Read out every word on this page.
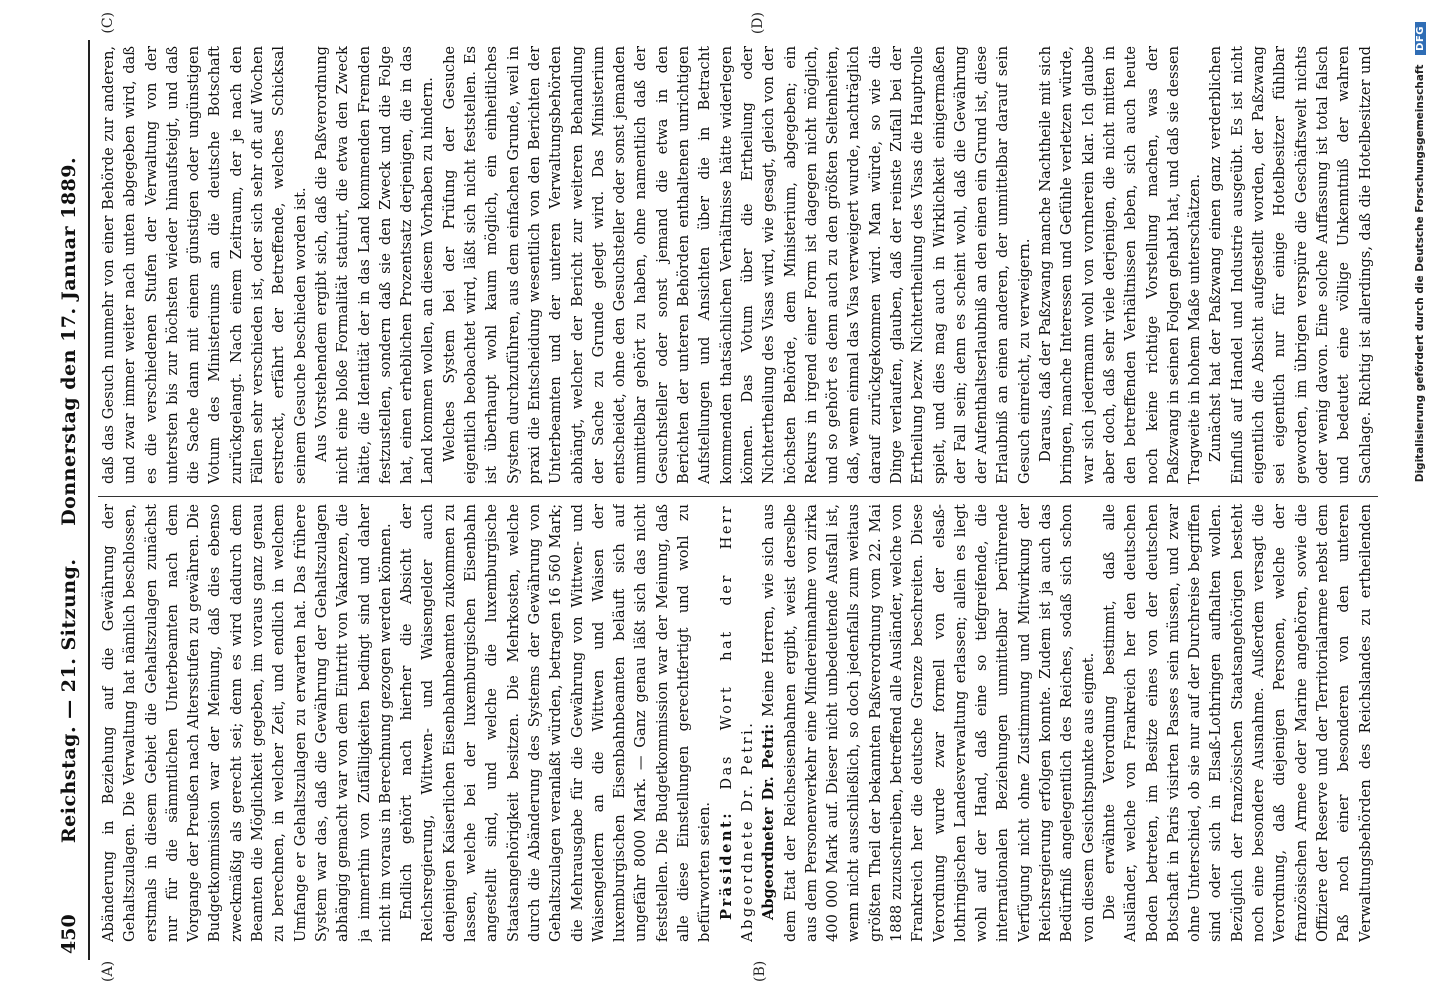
450
Reichstag. — 21. Sitzung.     Donnerstag den 17. Januar 1889.
(A)	(B)
(C)	(D)

Abänderung in Beziehung auf die Gewährung der Gehaltszulagen. Die Verwaltung hat nämlich beschlossen, erstmals in diesem Gebiet die Gehaltszulagen zunächst nur für die sämmtlichen Unterbeamten nach dem Vorgange der Preußen nach Altersstufen zu gewähren. Die Budgetkommission war der Meinung, daß dies ebenso zweckmäßig als gerecht sei; denn es wird dadurch dem Beamten die Möglichkeit gegeben, im voraus ganz genau zu berechnen, in welcher Zeit, und endlich in welchem Umfange er Gehaltszulagen zu erwarten hat. Das frühere System war das, daß die Gewährung der Gehaltszulagen abhängig gemacht war von dem Eintritt von Vakanzen, die ja immerhin von Zufälligkeiten bedingt sind und daher nicht im voraus in Berechnung gezogen werden können. Endlich gehört nach hierher die Absicht der Reichsregierung, Wittwen- und Waisengelder auch denjenigen Kaiserlichen Eisenbahnbeamten zukommen zu lassen, welche bei der luxemburgischen Eisenbahn angestellt sind, und welche die luxemburgische Staatsangehörigkeit besitzen. Die Mehrkosten, welche durch die Abänderung des Systems der Gewährung von Gehaltszulagen veranlaßt würden, betragen 16 560 Mark; die Mehrausgabe für die Gewährung von Wittwen- und Waisengeldern an die Wittwen und Waisen der luxemburgischen Eisenbahnbeamten beläuft sich auf ungefähr 8000 Mark. — Ganz genau läßt sich das nicht feststellen. Die Budgetkommission war der Meinung, daß alle diese Einstellungen gerechtfertigt und wohl zu befürworten seien. Präsident: Das Wort hat der Herr Abgeordnete Dr. Petri. Abgeordneter Dr. Petri: Meine Herren, wie sich aus dem Etat der Reichseisenbahnen ergibt, weist derselbe aus dem Personenverkehr eine Mindereinnahme von zirka 400 000 Mark auf. Dieser nicht unbedeutende Ausfall ist, wenn nicht ausschließlich, so doch jedenfalls zum weitaus größten Theil der bekannten Paßverordnung vom 22. Mai 1888 zuzuschreiben, betreffend alle Ausländer, welche von Frankreich her die deutsche Grenze beschreiten. Diese Verordnung wurde zwar formell von der elsaß-lothringischen Landesverwaltung erlassen; allein es liegt wohl auf der Hand, daß eine so tiefgreifende, die internationalen Beziehungen unmittelbar berührende Verfügung nicht ohne Zustimmung und Mitwirkung der Reichsregierung erfolgen konnte. Zudem ist ja auch das Bedürfniß angelegentlich des Reiches, sodaß sich schon von diesem Gesichtspunkte aus eignet. Die erwähnte Verordnung bestimmt, daß alle Ausländer, welche von Frankreich her den deutschen Boden betreten, im Besitze eines von der deutschen Botschaft in Paris visirten Passes sein müssen, und zwar ohne Unterschied, ob sie nur auf der Durchreise begriffen sind oder sich in Elsaß-Lothringen aufhalten wollen. Bezüglich der französischen Staatsangehörigen besteht noch eine besondere Ausnahme. Außerdem versagt die Verordnung, daß diejenigen Personen, welche der französischen Armee oder Marine angehören, sowie die Offiziere der Reserve und der Territorialarmee nebst dem Paß noch einer besonderen von den unteren Verwaltungsbehörden des Reichslandes zu ertheilenden

daß das Gesuch nunmehr von einer Behörde zur anderen, und zwar immer weiter nach unten abgegeben wird, daß es die verschiedenen Stufen der Verwaltung von der untersten bis zur höchsten wieder hinaufsteigt, und daß die Sache dann mit einem günstigen oder ungünstigen Votum des Ministeriums an die deutsche Botschaft zurückgelangt. Nach einem Zeitraum, der je nach den Fällen sehr verschieden ist, oder sich sehr oft auf Wochen erstreckt, erfährt der Betreffende, welches Schicksal seinem Gesuche beschieden worden ist. Aus Vorstehendem ergibt sich, daß die Paßverordnung nicht eine bloße Formalität statuirt, die etwa den Zweck hätte, die Identität der in das Land kommenden Fremden festzustellen, sondern daß sie den Zweck und die Folge hat, einen erheblichen Prozentsatz derjenigen, die in das Land kommen wollen, an diesem Vorhaben zu hindern. Welches System bei der Prüfung der Gesuche eigentlich beobachtet wird, läßt sich nicht feststellen. Es ist überhaupt wohl kaum möglich, ein einheitliches System durchzuführen, aus dem einfachen Grunde, weil in praxi die Entscheidung wesentlich von den Berichten der Unterbeamten und der unteren Verwaltungsbehörden abhängt, welcher der Bericht zur weiteren Behandlung der Sache zu Grunde gelegt wird. Das Ministerium entscheidet, ohne den Gesuchsteller oder sonst jemanden unmittelbar gehört zu haben, ohne namentlich daß der Gesuchsteller oder sonst jemand die etwa in den Berichten der unteren Behörden enthaltenen unrichtigen Aufstellungen und Ansichten über die in Betracht kommenden thatsächlichen Verhältnisse hätte widerlegen können. Das Votum über die Ertheilung oder Nichtertheilung des Visas wird, wie gesagt, gleich von der höchsten Behörde, dem Ministerium, abgegeben; ein Rekurs in irgend einer Form ist dagegen nicht möglich, und so gehört es denn auch zu den größten Seltenheiten, daß, wenn einmal das Visa verweigert wurde, nachträglich darauf zurückgekommen wird. Man würde, so wie die Dinge verlaufen, glauben, daß der reinste Zufall bei der Ertheilung bezw. Nichtertheilung des Visas die Hauptrolle spielt, und dies mag auch in Wirklichkeit einigermaßen der Fall sein; denn es scheint wohl, daß die Gewährung der Aufenthaltserlaubniß an den einen ein Grund ist, diese Erlaubniß an einen anderen, der unmittelbar darauf sein Gesuch einreicht, zu verweigern. Daraus, daß der Paßzwang manche Nachtheile mit sich bringen, manche Interessen und Gefühle verletzen würde, war sich jedermann wohl von vornherein klar. Ich glaube aber doch, daß sehr viele derjenigen, die nicht mitten in den betreffenden Verhältnissen leben, sich auch heute noch keine richtige Vorstellung machen, was der Paßzwang in seinen Folgen gehabt hat, und daß sie dessen Tragweite in hohem Maße unterschätzen. Zunächst hat der Paßzwang einen ganz verderblichen Einfluß auf Handel und Industrie ausgeübt. Es ist nicht eigentlich die Absicht aufgestellt worden, der Paßzwang sei eigentlich nur für einige Hotelbesitzer fühlbar geworden, im übrigen verspüre die Geschäftswelt nichts oder wenig davon. Eine solche Auffassung ist total falsch und bedeutet eine völlige Unkenntniß der wahren Sachlage. Richtig ist allerdings, daß die Hotelbesitzer und

Digitalisierung gefördert durch die Deutsche Forschungsgemeinschaft DFG
